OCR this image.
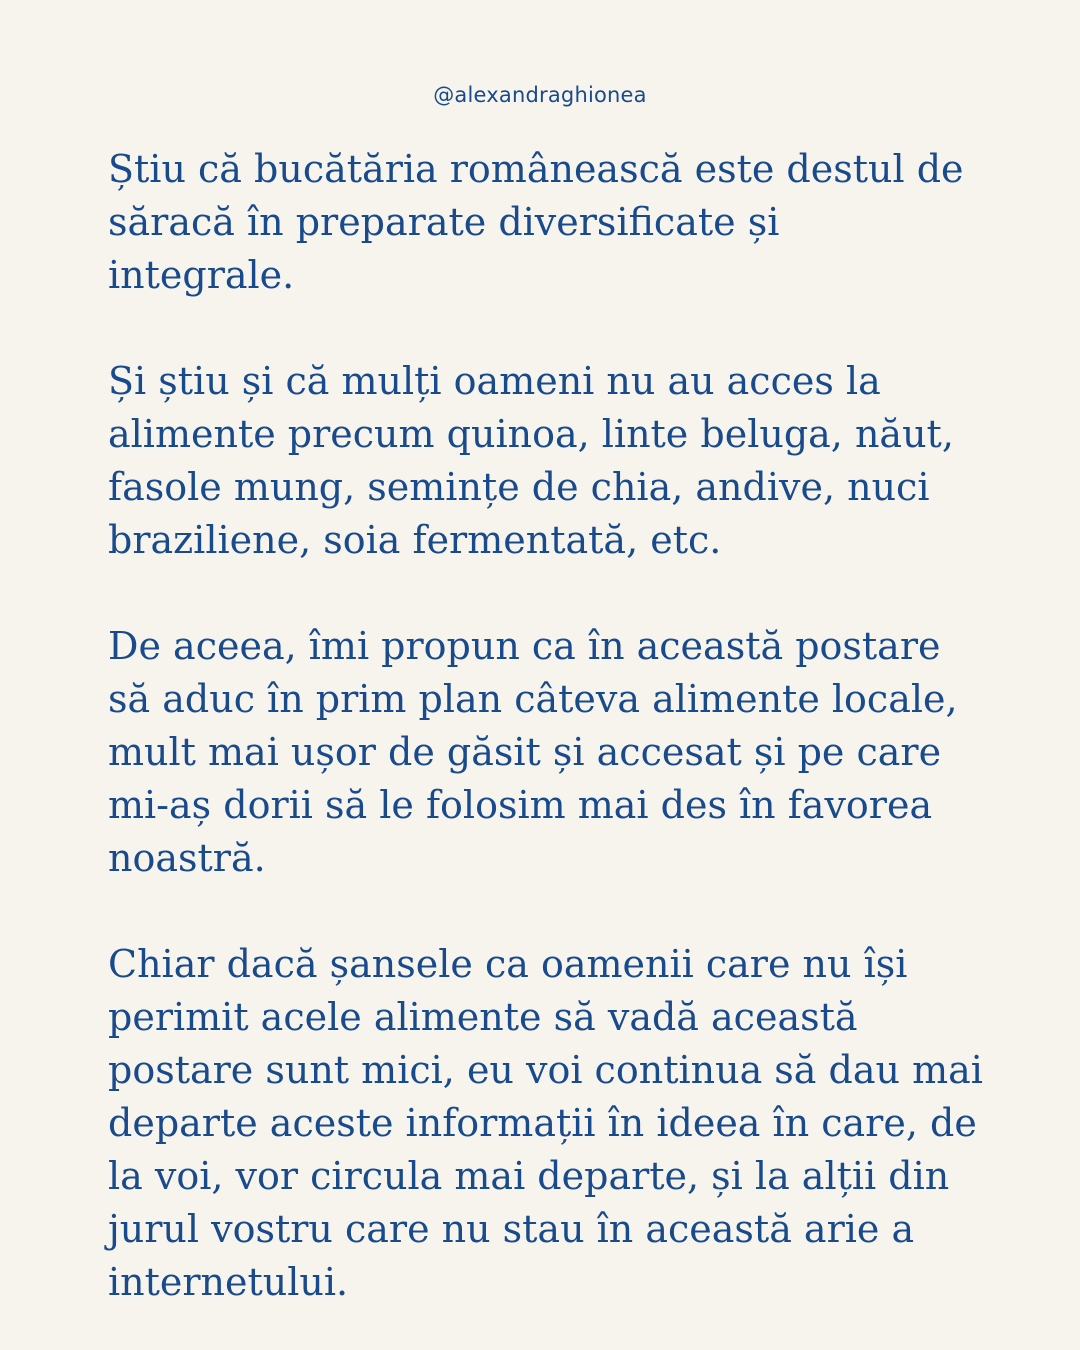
@alexandraghionea

Știu că bucătăria românească este destul de
săracă în preparate diversificate și
integrale.

Și știu și că mulți oameni nu au acces la
alimente precum quinoa, linte beluga, năut,
fasole mung, semințe de chia, andive, nuci
braziliene, soia fermentată, etc.

De aceea, îmi propun ca în această postare
să aduc în prim plan câteva alimente locale,
mult mai ușor de găsit și accesat și pe care
mi-aș dorii să le folosim mai des în favorea
noastră.

Chiar dacă șansele ca oamenii care nu își
perimit acele alimente să vadă această
postare sunt mici, eu voi continua să dau mai
departe aceste informații în ideea în care, de
la voi, vor circula mai departe, și la alții din
jurul vostru care nu stau în această arie a
internetului.
